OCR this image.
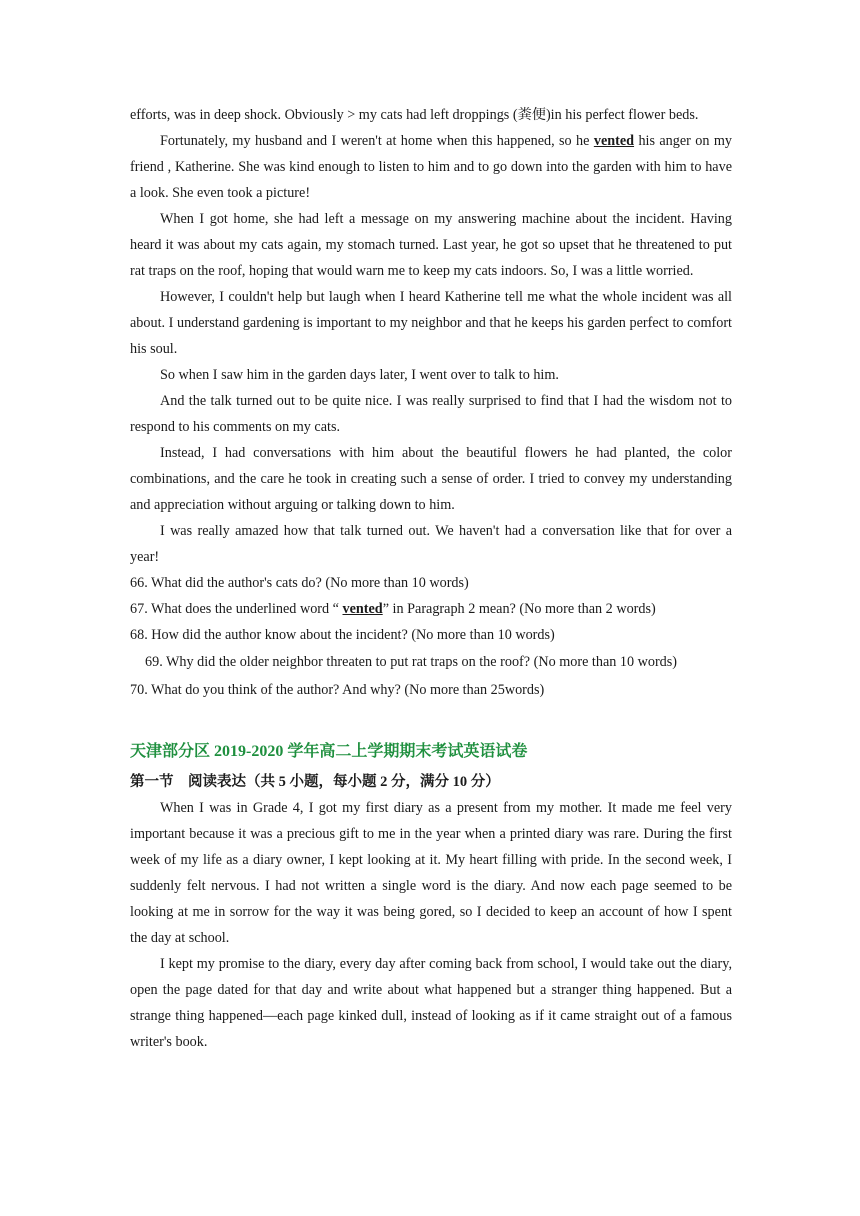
efforts, was in deep shock. Obviously > my cats had left droppings (粪便)in his perfect flower beds.

Fortunately, my husband and I weren't at home when this happened, so he vented his anger on my friend , Katherine. She was kind enough to listen to him and to go down into the garden with him to have a look. She even took a picture!

When I got home, she had left a message on my answering machine about the incident. Having heard it was about my cats again, my stomach turned. Last year, he got so upset that he threatened to put rat traps on the roof, hoping that would warn me to keep my cats indoors. So, I was a little worried.

However, I couldn't help but laugh when I heard Katherine tell me what the whole incident was all about. I understand gardening is important to my neighbor and that he keeps his garden perfect to comfort his soul.

So when I saw him in the garden days later, I went over to talk to him.

And the talk turned out to be quite nice. I was really surprised to find that I had the wisdom not to respond to his comments on my cats.

Instead, I had conversations with him about the beautiful flowers he had planted, the color combinations, and the care he took in creating such a sense of order. I tried to convey my understanding and appreciation without arguing or talking down to him.

I was really amazed how that talk turned out. We haven't had a conversation like that for over a year!

66. What did the author's cats do? (No more than 10 words)

67. What does the underlined word “ vented” in Paragraph 2 mean? (No more than 2 words)

68. How did the author know about the incident? (No more than 10 words)

69. Why did the older neighbor threaten to put rat traps on the roof? (No more than 10 words)

70. What do you think of the author? And why? (No more than 25words)

天津部分区 2019-2020 学年高二上学期期末考试英语试卷
第一节　阅读表达（共 5 小题，每小题 2 分，满分 10 分）

When I was in Grade 4, I got my first diary as a present from my mother. It made me feel very important because it was a precious gift to me in the year when a printed diary was rare. During the first week of my life as a diary owner, I kept looking at it. My heart filling with pride. In the second week, I suddenly felt nervous. I had not written a single word is the diary. And now each page seemed to be looking at me in sorrow for the way it was being gored, so I decided to keep an account of how I spent the day at school.

I kept my promise to the diary, every day after coming back from school, I would take out the diary, open the page dated for that day and write about what happened but a stranger thing happened. But a strange thing happened—each page kinked dull, instead of looking as if it came straight out of a famous writer's book.
